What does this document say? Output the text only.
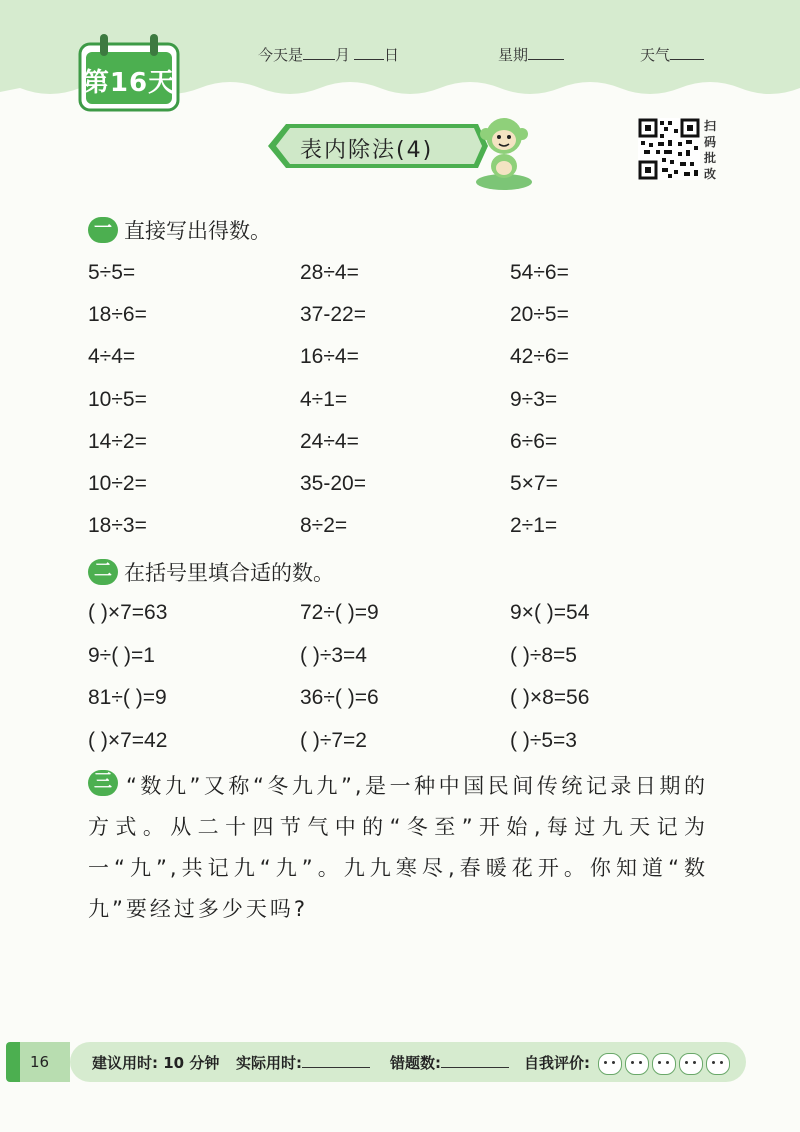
第16天
今天是 月 日	星期	天气
表内除法(4)
扫
码
批
改
一 直接写出得数。
5÷5=	28÷4=	54÷6=
18÷6=	37-22=	20÷5=
4÷4=	16÷4=	42÷6=
10÷5=	4÷1=	9÷3=
14÷2=	24÷4=	6÷6=
10÷2=	35-20=	5×7=
18÷3=	8÷2=	2÷1=
二 在括号里填合适的数。
( )×7=63	72÷( )=9	9×( )=54
9÷( )=1	( )÷3=4	( )÷8=5
81÷( )=9	36÷( )=6	( )×8=56
( )×7=42	( )÷7=2	( )÷5=3
三 “数九”又称“冬九九”,是一种中国民间传统记录日期的方式。从二十四节气中的“冬至”开始,每过九天记为一“九”,共记九“九”。九九寒尽,春暖花开。你知道“数九”要经过多少天吗?
16	建议用时: 10 分钟 实际用时:	错题数:	自我评价:
